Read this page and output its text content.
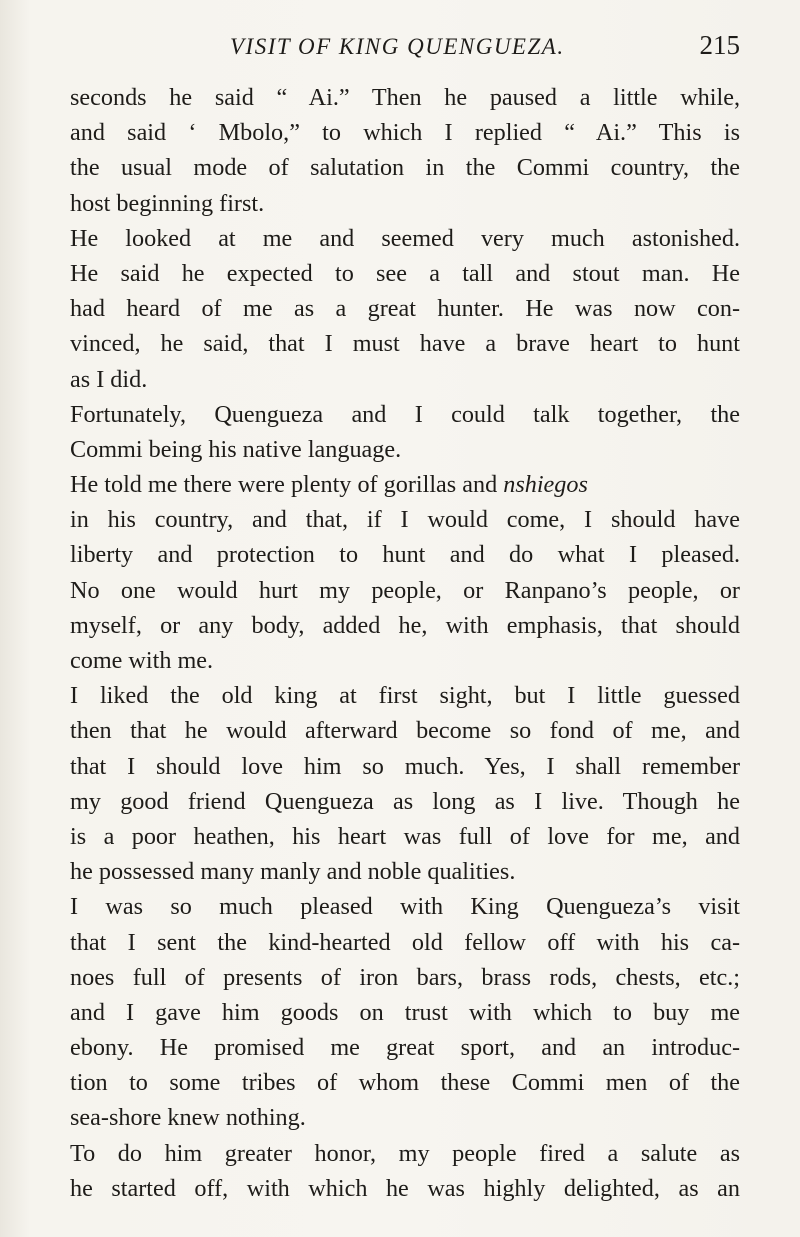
VISIT OF KING QUENGUEZA.	215
seconds he said “ Ai.” Then he paused a little while,
and said ‘ Mbolo,” to which I replied “ Ai.” This is
the usual mode of salutation in the Commi country, the
host beginning first.
He looked at me and seemed very much astonished.
He said he expected to see a tall and stout man. He
had heard of me as a great hunter. He was now con-
vinced, he said, that I must have a brave heart to hunt
as I did.
Fortunately, Quengueza and I could talk together, the
Commi being his native language.
He told me there were plenty of gorillas and nshiegos
in his country, and that, if I would come, I should have
liberty and protection to hunt and do what I pleased.
No one would hurt my people, or Ranpano’s people, or
myself, or any body, added he, with emphasis, that should
come with me.
I liked the old king at first sight, but I little guessed
then that he would afterward become so fond of me, and
that I should love him so much. Yes, I shall remember
my good friend Quengueza as long as I live. Though he
is a poor heathen, his heart was full of love for me, and
he possessed many manly and noble qualities.
I was so much pleased with King Quengueza’s visit
that I sent the kind-hearted old fellow off with his ca-
noes full of presents of iron bars, brass rods, chests, etc.;
and I gave him goods on trust with which to buy me
ebony. He promised me great sport, and an introduc-
tion to some tribes of whom these Commi men of the
sea-shore knew nothing.
To do him greater honor, my people fired a salute as
he started off, with which he was highly delighted, as an
